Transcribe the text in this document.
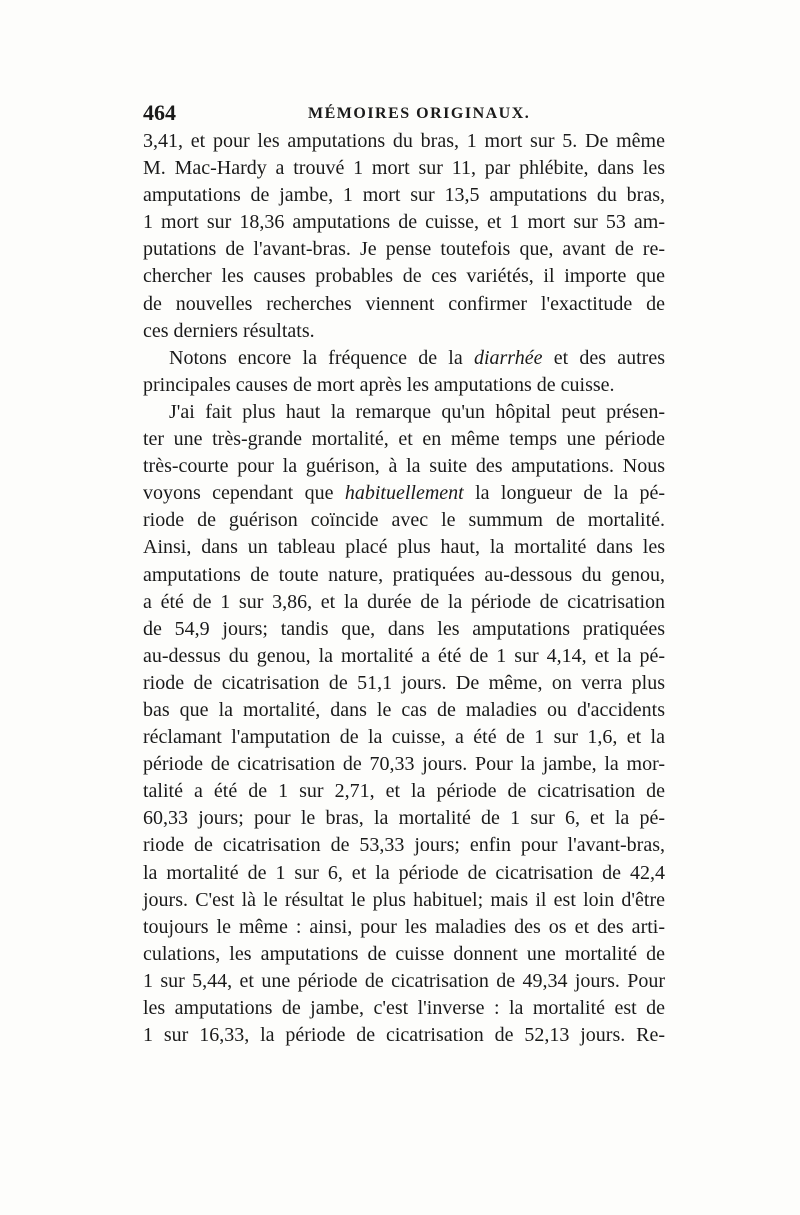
464	MÉMOIRES ORIGINAUX.
3,41, et pour les amputations du bras, 1 mort sur 5. De même
M. Mac-Hardy a trouvé 1 mort sur 11, par phlébite, dans les
amputations de jambe, 1 mort sur 13,5 amputations du bras,
1 mort sur 18,36 amputations de cuisse, et 1 mort sur 53 am-
putations de l'avant-bras. Je pense toutefois que, avant de re-
chercher les causes probables de ces variétés, il importe que
de nouvelles recherches viennent confirmer l'exactitude de
ces derniers résultats.
Notons encore la fréquence de la diarrhée et des autres
principales causes de mort après les amputations de cuisse.
J'ai fait plus haut la remarque qu'un hôpital peut présen-
ter une très-grande mortalité, et en même temps une période
très-courte pour la guérison, à la suite des amputations. Nous
voyons cependant que habituellement la longueur de la pé-
riode de guérison coïncide avec le summum de mortalité.
Ainsi, dans un tableau placé plus haut, la mortalité dans les
amputations de toute nature, pratiquées au-dessous du genou,
a été de 1 sur 3,86, et la durée de la période de cicatrisation
de 54,9 jours; tandis que, dans les amputations pratiquées
au-dessus du genou, la mortalité a été de 1 sur 4,14, et la pé-
riode de cicatrisation de 51,1 jours. De même, on verra plus
bas que la mortalité, dans le cas de maladies ou d'accidents
réclamant l'amputation de la cuisse, a été de 1 sur 1,6, et la
période de cicatrisation de 70,33 jours. Pour la jambe, la mor-
talité a été de 1 sur 2,71, et la période de cicatrisation de
60,33 jours; pour le bras, la mortalité de 1 sur 6, et la pé-
riode de cicatrisation de 53,33 jours; enfin pour l'avant-bras,
la mortalité de 1 sur 6, et la période de cicatrisation de 42,4
jours. C'est là le résultat le plus habituel; mais il est loin d'être
toujours le même : ainsi, pour les maladies des os et des arti-
culations, les amputations de cuisse donnent une mortalité de
1 sur 5,44, et une période de cicatrisation de 49,34 jours. Pour
les amputations de jambe, c'est l'inverse : la mortalité est de
1 sur 16,33, la période de cicatrisation de 52,13 jours. Re-
